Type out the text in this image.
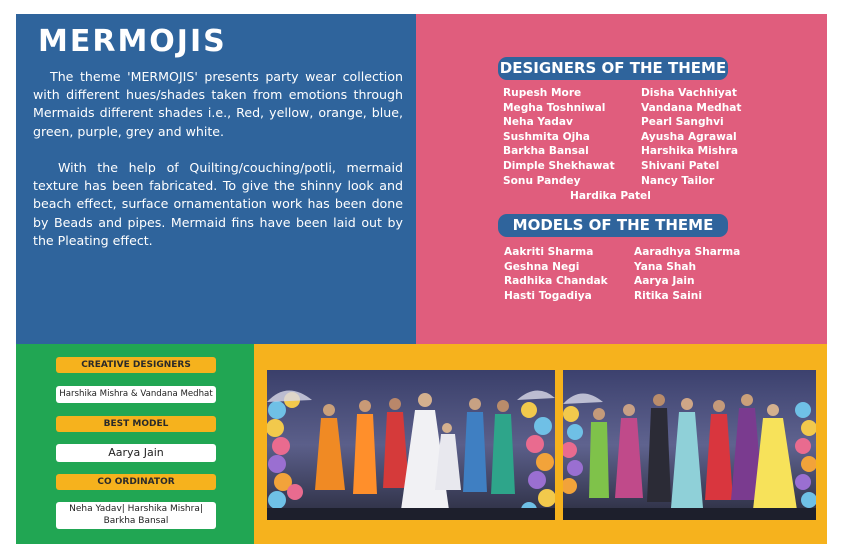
MERMOJIS

The theme 'MERMOJIS' presents party wear collection with different hues/shades taken from emotions through Mermaids different shades i.e., Red, yellow, orange, blue, green, purple, grey and white.

With the help of Quilting/couching/potli, mermaid texture has been fabricated. To give the shinny look and beach effect, surface ornamentation work has been done by Beads and pipes. Mermaid fins have been laid out by the Pleating effect.

DESIGNERS OF THE THEME
Rupesh More
Megha Toshniwal
Neha Yadav
Sushmita Ojha
Barkha Bansal
Dimple Shekhawat
Sonu Pandey
Disha Vachhiyat
Vandana Medhat
Pearl Sanghvi
Ayusha Agrawal
Harshika Mishra
Shivani Patel
Nancy Tailor
Hardika Patel
MODELS OF THE THEME
Aakriti Sharma
Geshna Negi
Radhika Chandak
Hasti Togadiya
Aaradhya Sharma
Yana Shah
Aarya Jain
Ritika Saini
CREATIVE DESIGNERS
Harshika Mishra & Vandana Medhat
BEST MODEL
Aarya Jain
CO ORDINATOR
Neha Yadav| Harshika Mishra|
Barkha Bansal
